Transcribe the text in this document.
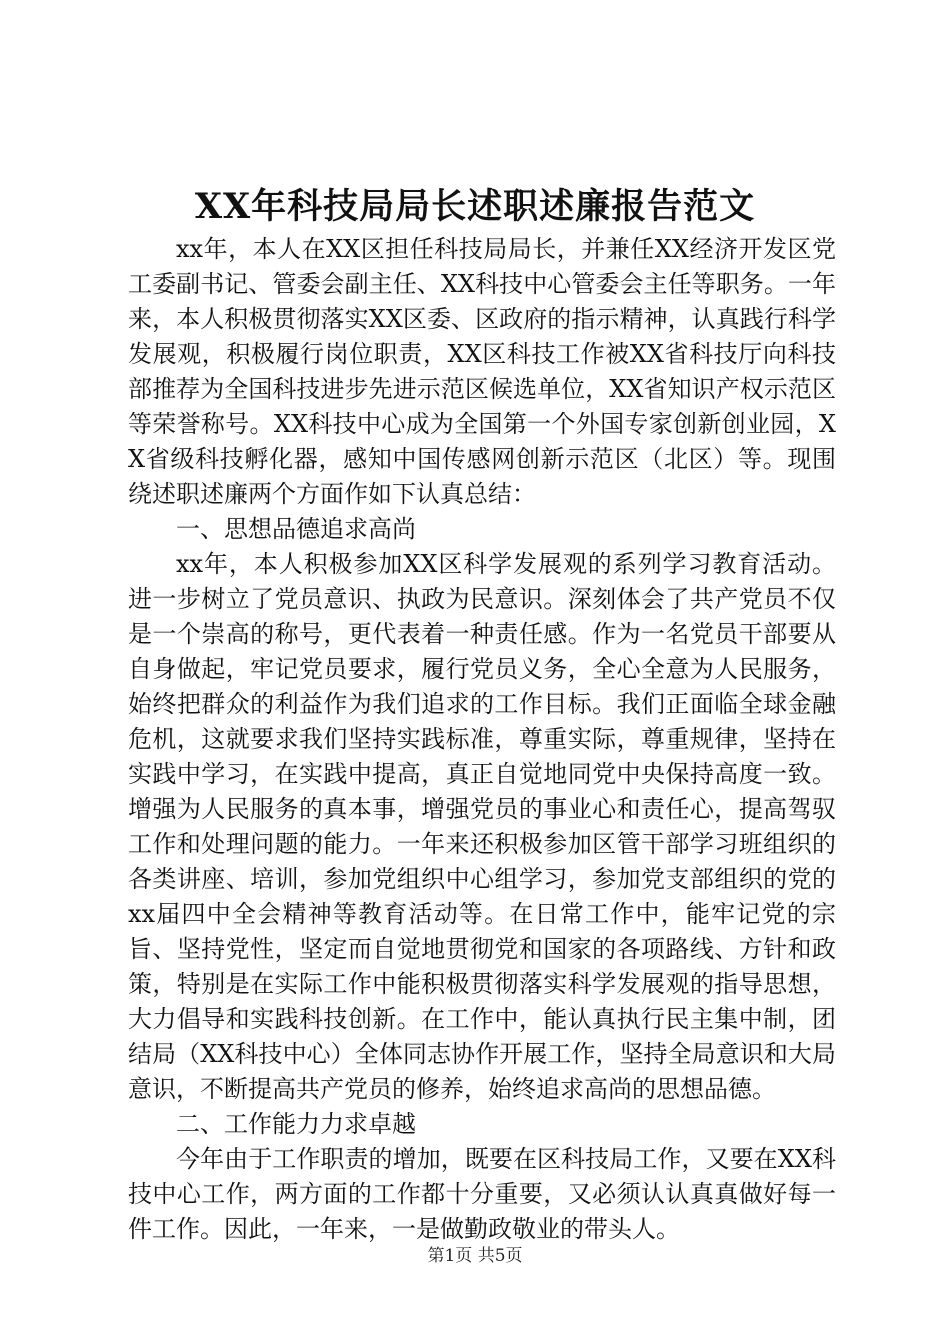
XX年科技局局长述职述廉报告范文

xx年，本人在XX区担任科技局局长，并兼任XX经济开发区党工委副书记、管委会副主任、XX科技中心管委会主任等职务。一年来，本人积极贯彻落实XX区委、区政府的指示精神，认真践行科学发展观，积极履行岗位职责，XX区科技工作被XX省科技厅向科技部推荐为全国科技进步先进示范区候选单位，XX省知识产权示范区等荣誉称号。XX科技中心成为全国第一个外国专家创新创业园，XX省级科技孵化器，感知中国传感网创新示范区（北区）等。现围绕述职述廉两个方面作如下认真总结：

一、思想品德追求高尚

xx年，本人积极参加XX区科学发展观的系列学习教育活动。进一步树立了党员意识、执政为民意识。深刻体会了共产党员不仅是一个崇高的称号，更代表着一种责任感。作为一名党员干部要从自身做起，牢记党员要求，履行党员义务，全心全意为人民服务，始终把群众的利益作为我们追求的工作目标。我们正面临全球金融危机，这就要求我们坚持实践标准，尊重实际，尊重规律，坚持在实践中学习，在实践中提高，真正自觉地同党中央保持高度一致。增强为人民服务的真本事，增强党员的事业心和责任心，提高驾驭工作和处理问题的能力。一年来还积极参加区管干部学习班组织的各类讲座、培训，参加党组织中心组学习，参加党支部组织的党的xx届四中全会精神等教育活动等。在日常工作中，能牢记党的宗旨、坚持党性，坚定而自觉地贯彻党和国家的各项路线、方针和政策，特别是在实际工作中能积极贯彻落实科学发展观的指导思想，大力倡导和实践科技创新。在工作中，能认真执行民主集中制，团结局（XX科技中心）全体同志协作开展工作，坚持全局意识和大局意识，不断提高共产党员的修养，始终追求高尚的思想品德。

二、工作能力力求卓越

今年由于工作职责的增加，既要在区科技局工作，又要在XX科技中心工作，两方面的工作都十分重要，又必须认认真真做好每一件工作。因此，一年来，一是做勤政敬业的带头人。

第1页 共5页
